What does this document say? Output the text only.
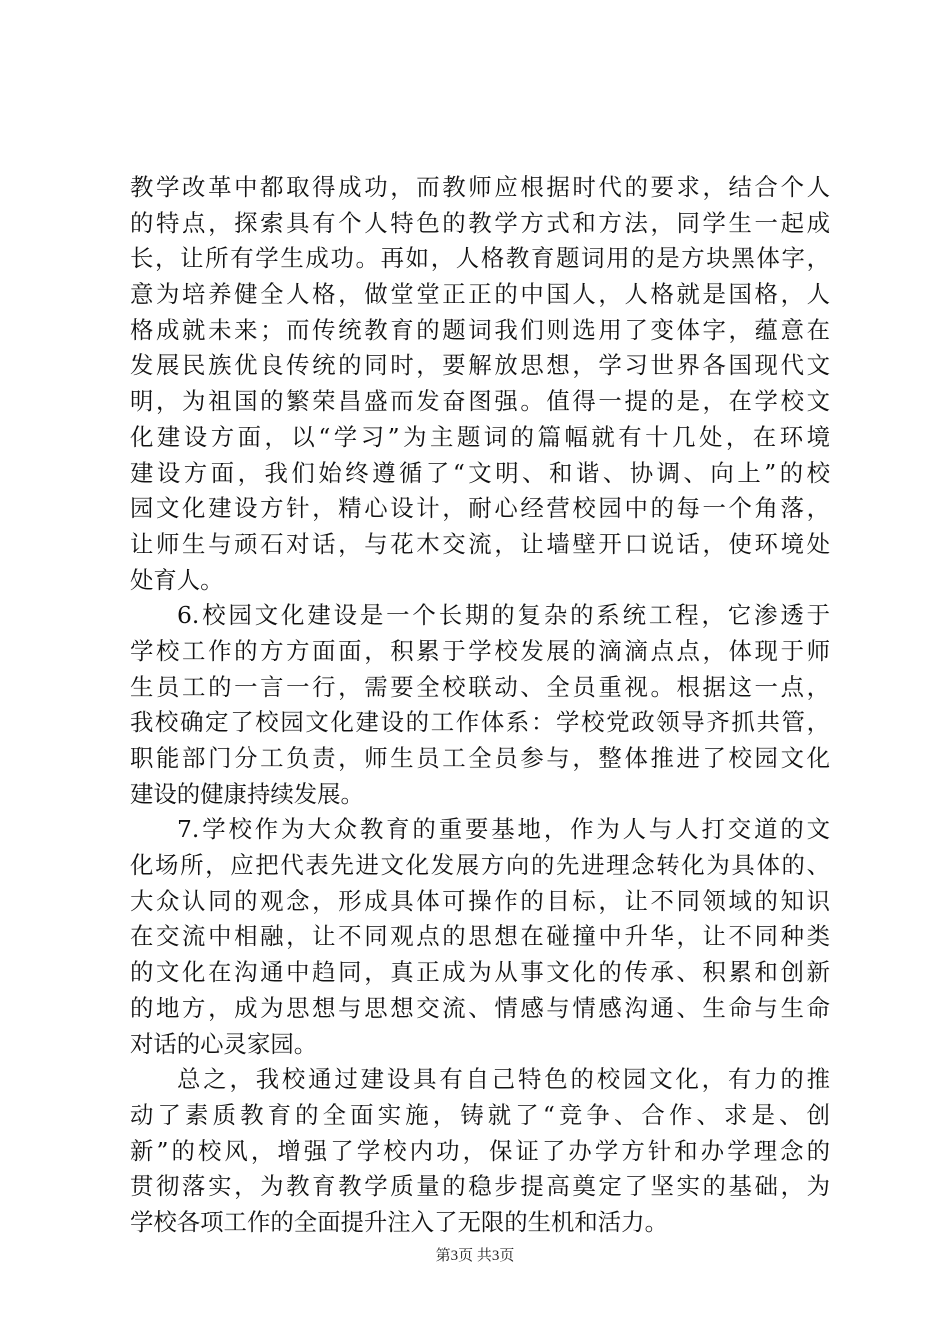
教学改革中都取得成功，而教师应根据时代的要求，结合个人
的特点，探索具有个人特色的教学方式和方法，同学生一起成
长，让所有学生成功。再如，人格教育题词用的是方块黑体字，
意为培养健全人格，做堂堂正正的中国人，人格就是国格，人
格成就未来；而传统教育的题词我们则选用了变体字，蕴意在
发展民族优良传统的同时，要解放思想，学习世界各国现代文
明，为祖国的繁荣昌盛而发奋图强。值得一提的是，在学校文
化建设方面，以“学习”为主题词的篇幅就有十几处，在环境
建设方面，我们始终遵循了“文明、和谐、协调、向上”的校
园文化建设方针，精心设计，耐心经营校园中的每一个角落，
让师生与顽石对话，与花木交流，让墙壁开口说话，使环境处
处育人。
6.校园文化建设是一个长期的复杂的系统工程，它渗透于
学校工作的方方面面，积累于学校发展的滴滴点点，体现于师
生员工的一言一行，需要全校联动、全员重视。根据这一点，
我校确定了校园文化建设的工作体系：学校党政领导齐抓共管，
职能部门分工负责，师生员工全员参与，整体推进了校园文化
建设的健康持续发展。
7.学校作为大众教育的重要基地，作为人与人打交道的文
化场所，应把代表先进文化发展方向的先进理念转化为具体的、
大众认同的观念，形成具体可操作的目标，让不同领域的知识
在交流中相融，让不同观点的思想在碰撞中升华，让不同种类
的文化在沟通中趋同，真正成为从事文化的传承、积累和创新
的地方，成为思想与思想交流、情感与情感沟通、生命与生命
对话的心灵家园。
总之，我校通过建设具有自己特色的校园文化，有力的推
动了素质教育的全面实施，铸就了“竞争、合作、求是、创
新”的校风，增强了学校内功，保证了办学方针和办学理念的
贯彻落实，为教育教学质量的稳步提高奠定了坚实的基础，为
学校各项工作的全面提升注入了无限的生机和活力。
第3页 共3页
